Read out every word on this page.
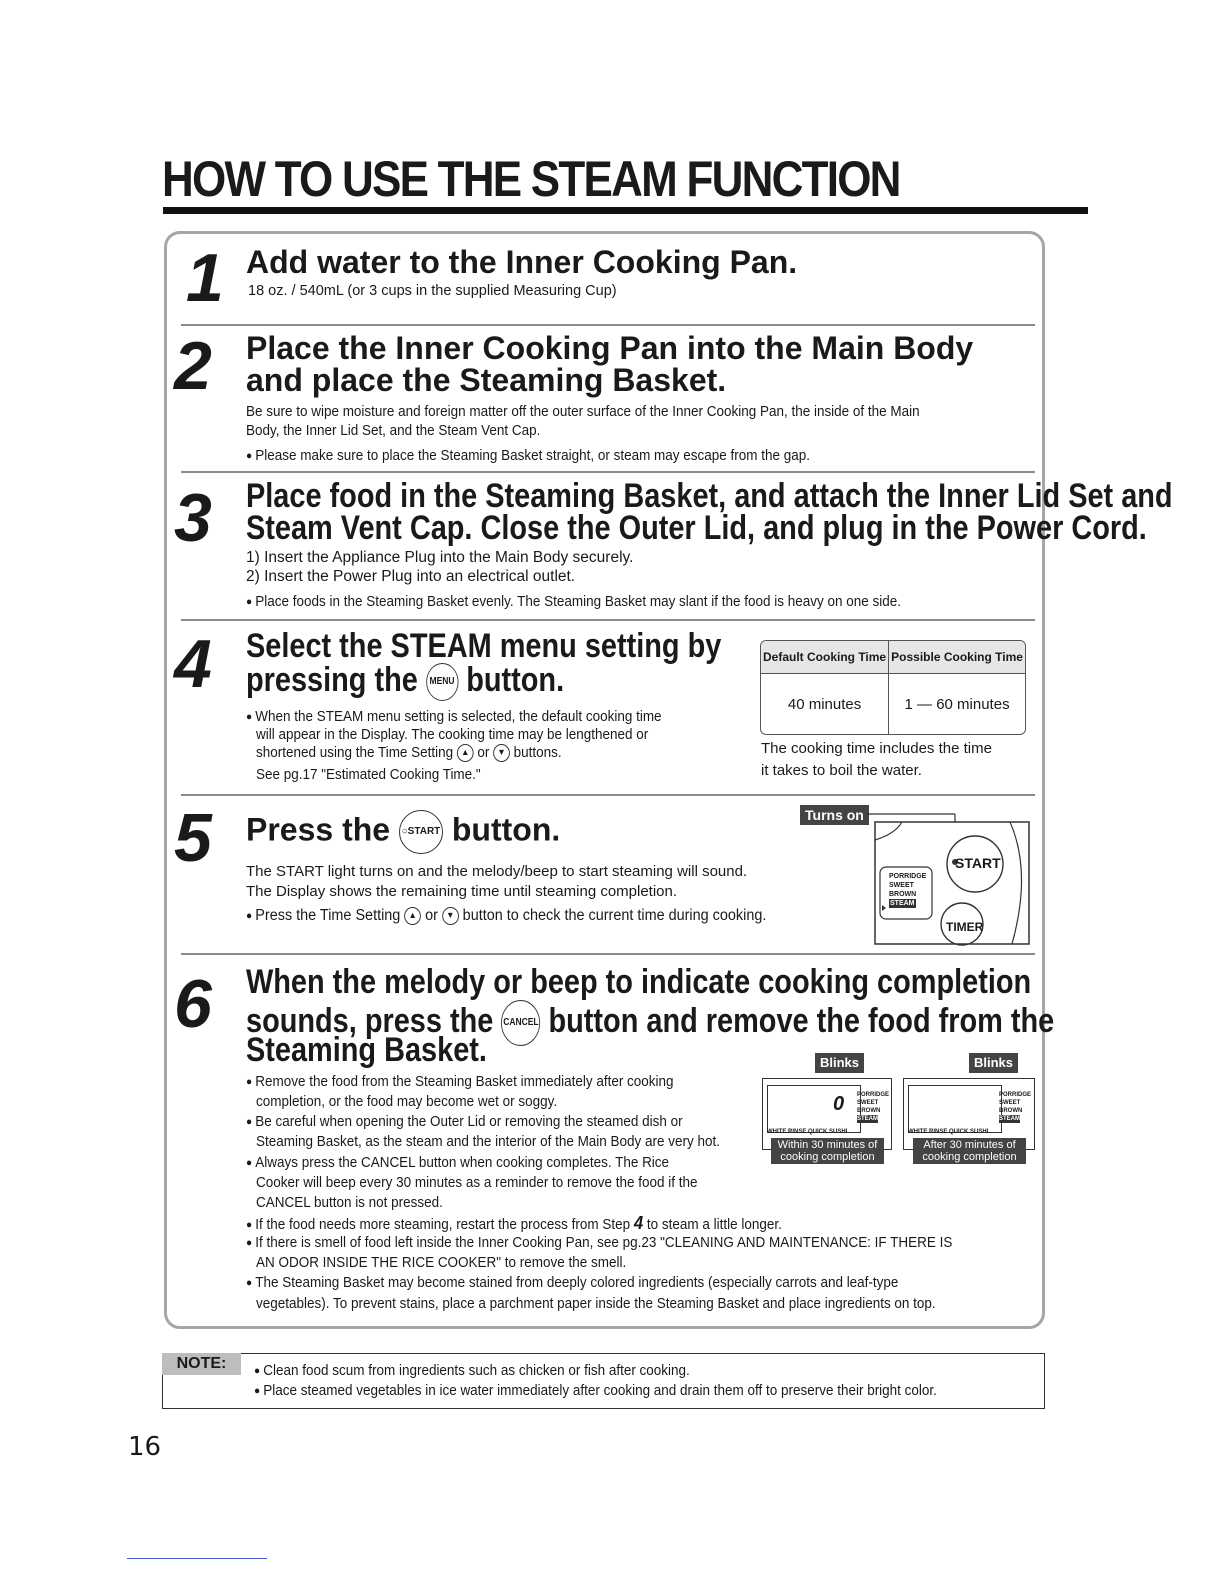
HOW TO USE THE STEAM FUNCTION
1 Add water to the Inner Cooking Pan.
18 oz. / 540mL (or 3 cups in the supplied Measuring Cup)
2 Place the Inner Cooking Pan into the Main Body
and place the Steaming Basket.
Be sure to wipe moisture and foreign matter off the outer surface of the Inner Cooking Pan, the inside of the Main
Body, the Inner Lid Set, and the Steam Vent Cap.
● Please make sure to place the Steaming Basket straight, or steam may escape from the gap.
3 Place food in the Steaming Basket, and attach the Inner Lid Set and
Steam Vent Cap. Close the Outer Lid, and plug in the Power Cord.
1) Insert the Appliance Plug into the Main Body securely.
2) Insert the Power Plug into an electrical outlet.
● Place foods in the Steaming Basket evenly. The Steaming Basket may slant if the food is heavy on one side.
4 Select the STEAM menu setting by
pressing the MENU button.
● When the STEAM menu setting is selected, the default cooking time
will appear in the Display. The cooking time may be lengthened or
shortened using the Time Setting ▲ or ▼ buttons.
See pg.17 "Estimated Cooking Time."
Default Cooking Time	Possible Cooking Time
40 minutes	1 — 60 minutes
The cooking time includes the time
it takes to boil the water.
5 Press the ○START button.
The START light turns on and the melody/beep to start steaming will sound.
The Display shows the remaining time until steaming completion.
● Press the Time Setting ▲ or ▼ button to check the current time during cooking.
Turns on
START
TIMER
PORRIDGE
SWEET
BROWN
STEAM
6 When the melody or beep to indicate cooking completion
sounds, press the CANCEL button and remove the food from the
Steaming Basket.
● Remove the food from the Steaming Basket immediately after cooking
completion, or the food may become wet or soggy.
● Be careful when opening the Outer Lid or removing the steamed dish or
Steaming Basket, as the steam and the interior of the Main Body are very hot.
● Always press the CANCEL button when cooking completes. The Rice
Cooker will beep every 30 minutes as a reminder to remove the food if the
CANCEL button is not pressed.
● If the food needs more steaming, restart the process from Step 4 to steam a little longer.
● If there is smell of food left inside the Inner Cooking Pan, see pg.23 "CLEANING AND MAINTENANCE: IF THERE IS
AN ODOR INSIDE THE RICE COOKER" to remove the smell.
● The Steaming Basket may become stained from deeply colored ingredients (especially carrots and leaf-type
vegetables). To prevent stains, place a parchment paper inside the Steaming Basket and place ingredients on top.
Blinks	Blinks
0 PORRIDGE
SWEET
BROWN
STEAM
WHITE RINSE QUICK SUSHI
Within 30 minutes of cooking completion
PORRIDGE
SWEET
BROWN
STEAM
WHITE RINSE QUICK SUSHI
After 30 minutes of cooking completion
NOTE:	● Clean food scum from ingredients such as chicken or fish after cooking.
● Place steamed vegetables in ice water immediately after cooking and drain them off to preserve their bright color.
16
